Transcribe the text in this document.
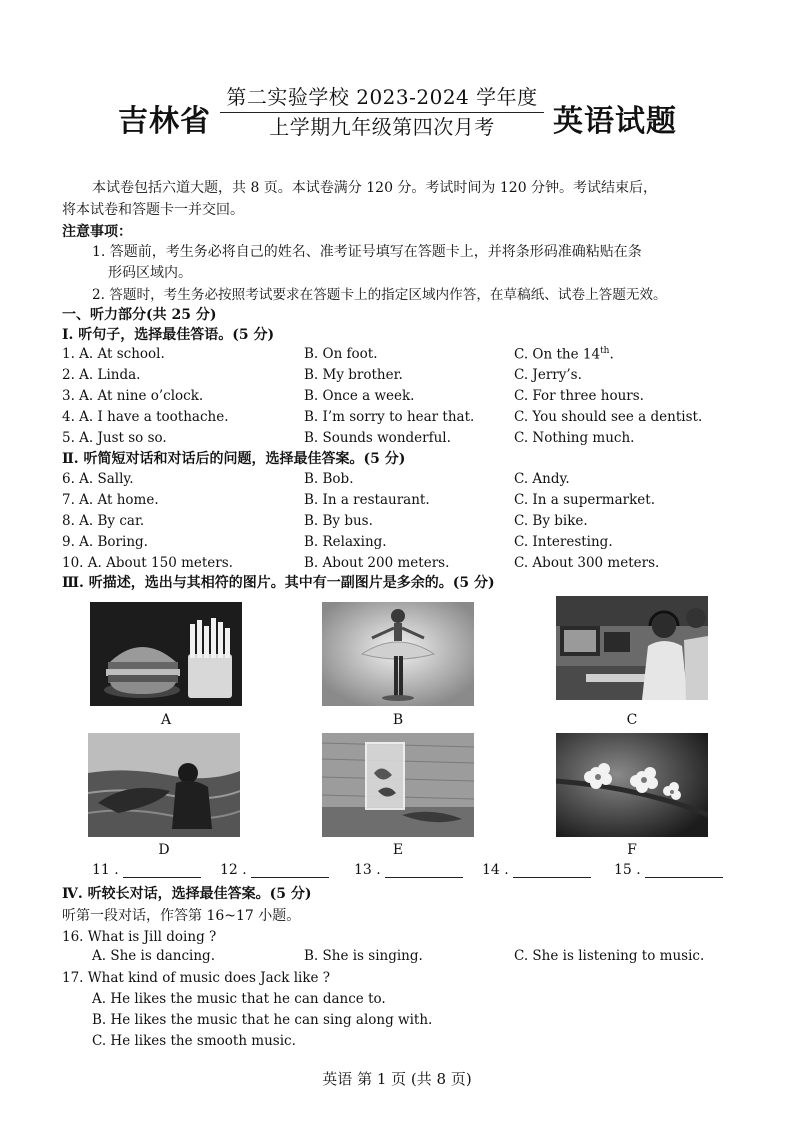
吉林省
第二实验学校 2023-2024 学年度
上学期九年级第四次月考	英语试题
本试卷包括六道大题，共 8 页。本试卷满分 120 分。考试时间为 120 分钟。考试结束后，
将本试卷和答题卡一并交回。
注意事项：
1. 答题前，考生务必将自己的姓名、准考证号填写在答题卡上，并将条形码准确粘贴在条
形码区域内。
2. 答题时，考生务必按照考试要求在答题卡上的指定区域内作答，在草稿纸、试卷上答题无效。
一、听力部分(共 25 分)
Ⅰ. 听句子，选择最佳答语。(5 分)
1. A. At school.	B. On foot.	C. On the 14th.
2. A. Linda.	B. My brother.	C. Jerry’s.
3. A. At nine o’clock.	B. Once a week.	C. For three hours.
4. A. I have a toothache.	B. I’m sorry to hear that.	C. You should see a dentist.
5. A. Just so so.	B. Sounds wonderful.	C. Nothing much.
Ⅱ. 听简短对话和对话后的问题，选择最佳答案。(5 分)
6. A. Sally.	B. Bob.	C. Andy.
7. A. At home.	B. In a restaurant.	C. In a supermarket.
8. A. By car.	B. By bus.	C. By bike.
9. A. Boring.	B. Relaxing.	C. Interesting.
10. A. About 150 meters.	B. About 200 meters.	C. About 300 meters.
Ⅲ. 听描述，选出与其相符的图片。其中有一副图片是多余的。(5 分)
A	B	C
D	E	F
11 .	12 .	13 .	14 .	15 .
Ⅳ. 听较长对话，选择最佳答案。(5 分)
听第一段对话，作答第 16~17 小题。
16. What is Jill doing ?
A. She is dancing.	B. She is singing.	C. She is listening to music.
17. What kind of music does Jack like ?
A. He likes the music that he can dance to.
B. He likes the music that he can sing along with.
C. He likes the smooth music.
英语 第 1 页 (共 8 页)
